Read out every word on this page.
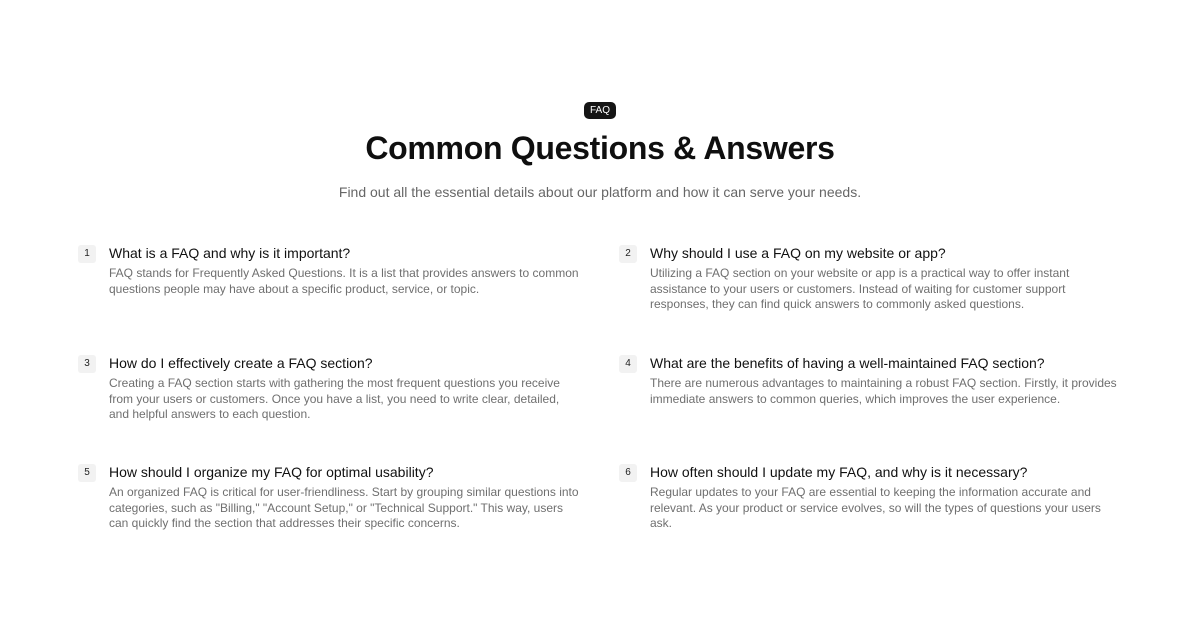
FAQ
Common Questions & Answers

Find out all the essential details about our platform and how it can serve your needs.

1	What is a FAQ and why is it important?

FAQ stands for Frequently Asked Questions. It is a list that provides answers to common questions people may have about a specific product, service, or topic.

2	Why should I use a FAQ on my website or app?

Utilizing a FAQ section on your website or app is a practical way to offer instant assistance to your users or customers. Instead of waiting for customer support responses, they can find quick answers to commonly asked questions.

3	How do I effectively create a FAQ section?

Creating a FAQ section starts with gathering the most frequent questions you receive from your users or customers. Once you have a list, you need to write clear, detailed, and helpful answers to each question.

4	What are the benefits of having a well-maintained FAQ section?

There are numerous advantages to maintaining a robust FAQ section. Firstly, it provides immediate answers to common queries, which improves the user experience.

5	How should I organize my FAQ for optimal usability?

An organized FAQ is critical for user-friendliness. Start by grouping similar questions into categories, such as "Billing," "Account Setup," or "Technical Support." This way, users can quickly find the section that addresses their specific concerns.

6	How often should I update my FAQ, and why is it necessary?

Regular updates to your FAQ are essential to keeping the information accurate and relevant. As your product or service evolves, so will the types of questions your users ask.
